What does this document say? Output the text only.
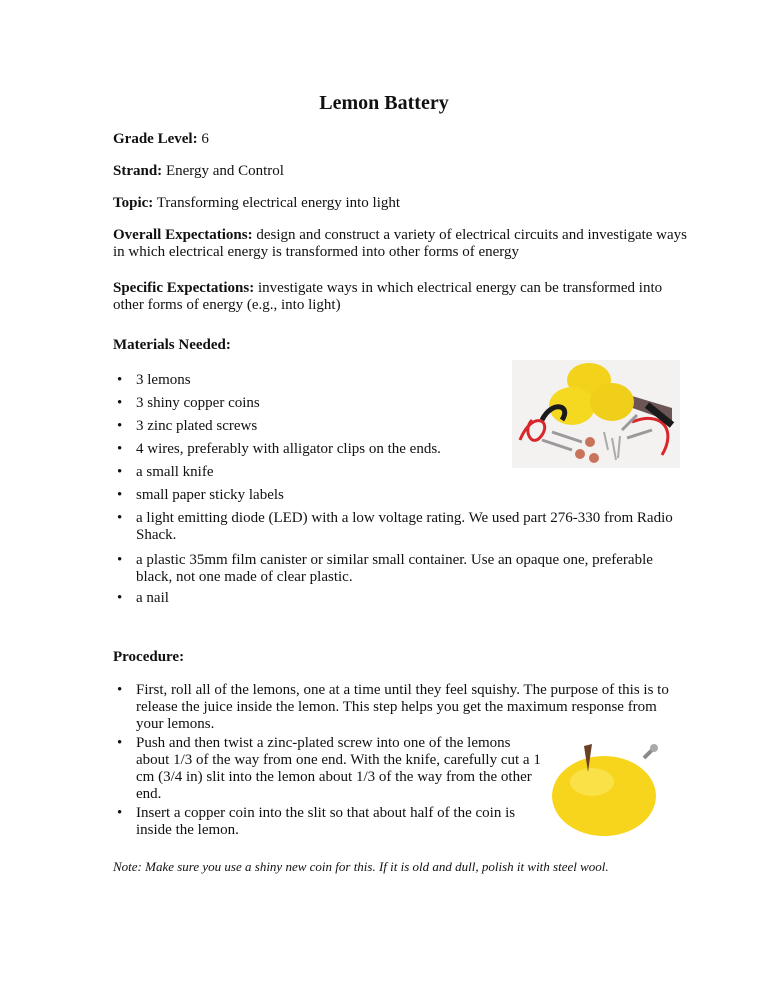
Lemon Battery
Grade Level: 6
Strand: Energy and Control
Topic: Transforming electrical energy into light
Overall Expectations: design and construct a variety of electrical circuits and investigate ways
in which electrical energy is transformed into other forms of energy
Specific Expectations: investigate ways in which electrical energy can be transformed into
other forms of energy (e.g., into light)
Materials Needed:
• 3 lemons
• 3 shiny copper coins
• 3 zinc plated screws
• 4 wires, preferably with alligator clips on the ends.
• a small knife
• small paper sticky labels
• a light emitting diode (LED) with a low voltage rating. We used part 276-330 from Radio
Shack.
• a plastic 35mm film canister or similar small container. Use an opaque one, preferable
black, not one made of clear plastic.
• a nail
Procedure:
• First, roll all of the lemons, one at a time until they feel squishy. The purpose of this is to
release the juice inside the lemon. This step helps you get the maximum response from
your lemons.
• Push and then twist a zinc-plated screw into one of the lemons
about 1/3 of the way from one end. With the knife, carefully cut a 1
cm (3/4 in) slit into the lemon about 1/3 of the way from the other
end.
• Insert a copper coin into the slit so that about half of the coin is
inside the lemon.
Note: Make sure you use a shiny new coin for this. If it is old and dull, polish it with steel wool.
